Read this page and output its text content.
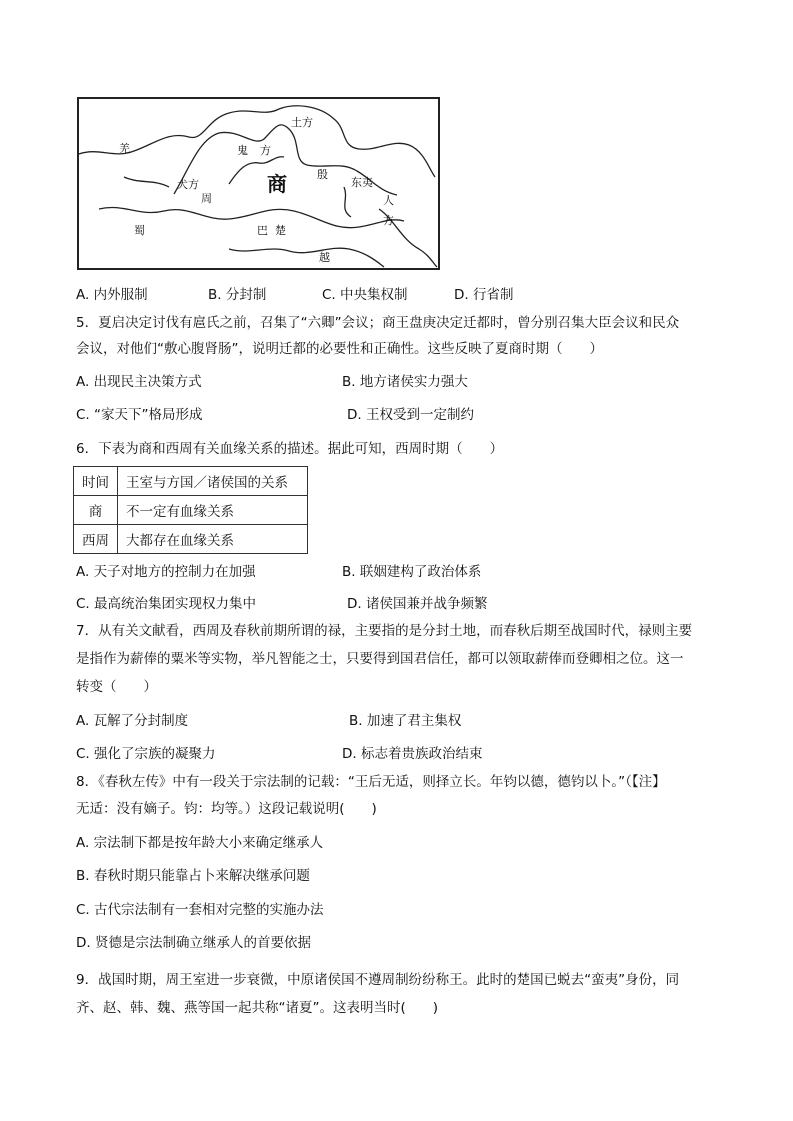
土方
羌	鬼方
犬方
周
商	殷
东夷
人方
蜀	巴 楚
越
A. 内外服制	B. 分封制	C. 中央集权制	D. 行省制
5．夏启决定讨伐有扈氏之前，召集了“六卿”会议；商王盘庚决定迁都时，曾分别召集大臣会议和民众
会议，对他们“敷心腹肾肠”，说明迁都的必要性和正确性。这些反映了夏商时期（　　）
A. 出现民主决策方式	B. 地方诸侯实力强大
C. “家天下”格局形成	D. 王权受到一定制约
6．下表为商和西周有关血缘关系的描述。据此可知，西周时期（　　）
时间	王室与方国／诸侯国的关系
商	不一定有血缘关系
西周	大都存在血缘关系
A. 天子对地方的控制力在加强	B. 联姻建构了政治体系
C. 最高统治集团实现权力集中	D. 诸侯国兼并战争频繁
7．从有关文献看，西周及春秋前期所谓的禄，主要指的是分封土地，而春秋后期至战国时代，禄则主要
是指作为薪俸的粟米等实物，举凡智能之士，只要得到国君信任，都可以领取薪俸而登卿相之位。这一
转变（　　）
A. 瓦解了分封制度	B. 加速了君主集权
C. 强化了宗族的凝聚力	D. 标志着贵族政治结束
8．《春秋左传》中有一段关于宗法制的记载：“王后无适，则择立长。年钧以德，德钧以卜。”（【注】
无适：没有嫡子。钧：均等。）这段记载说明(　　)
A. 宗法制下都是按年龄大小来确定继承人
B. 春秋时期只能靠占卜来解决继承问题
C. 古代宗法制有一套相对完整的实施办法
D. 贤德是宗法制确立继承人的首要依据
9．战国时期，周王室进一步衰微，中原诸侯国不遵周制纷纷称王。此时的楚国已蜕去“蛮夷”身份，同
齐、赵、韩、魏、燕等国一起共称“诸夏”。这表明当时(　　)
